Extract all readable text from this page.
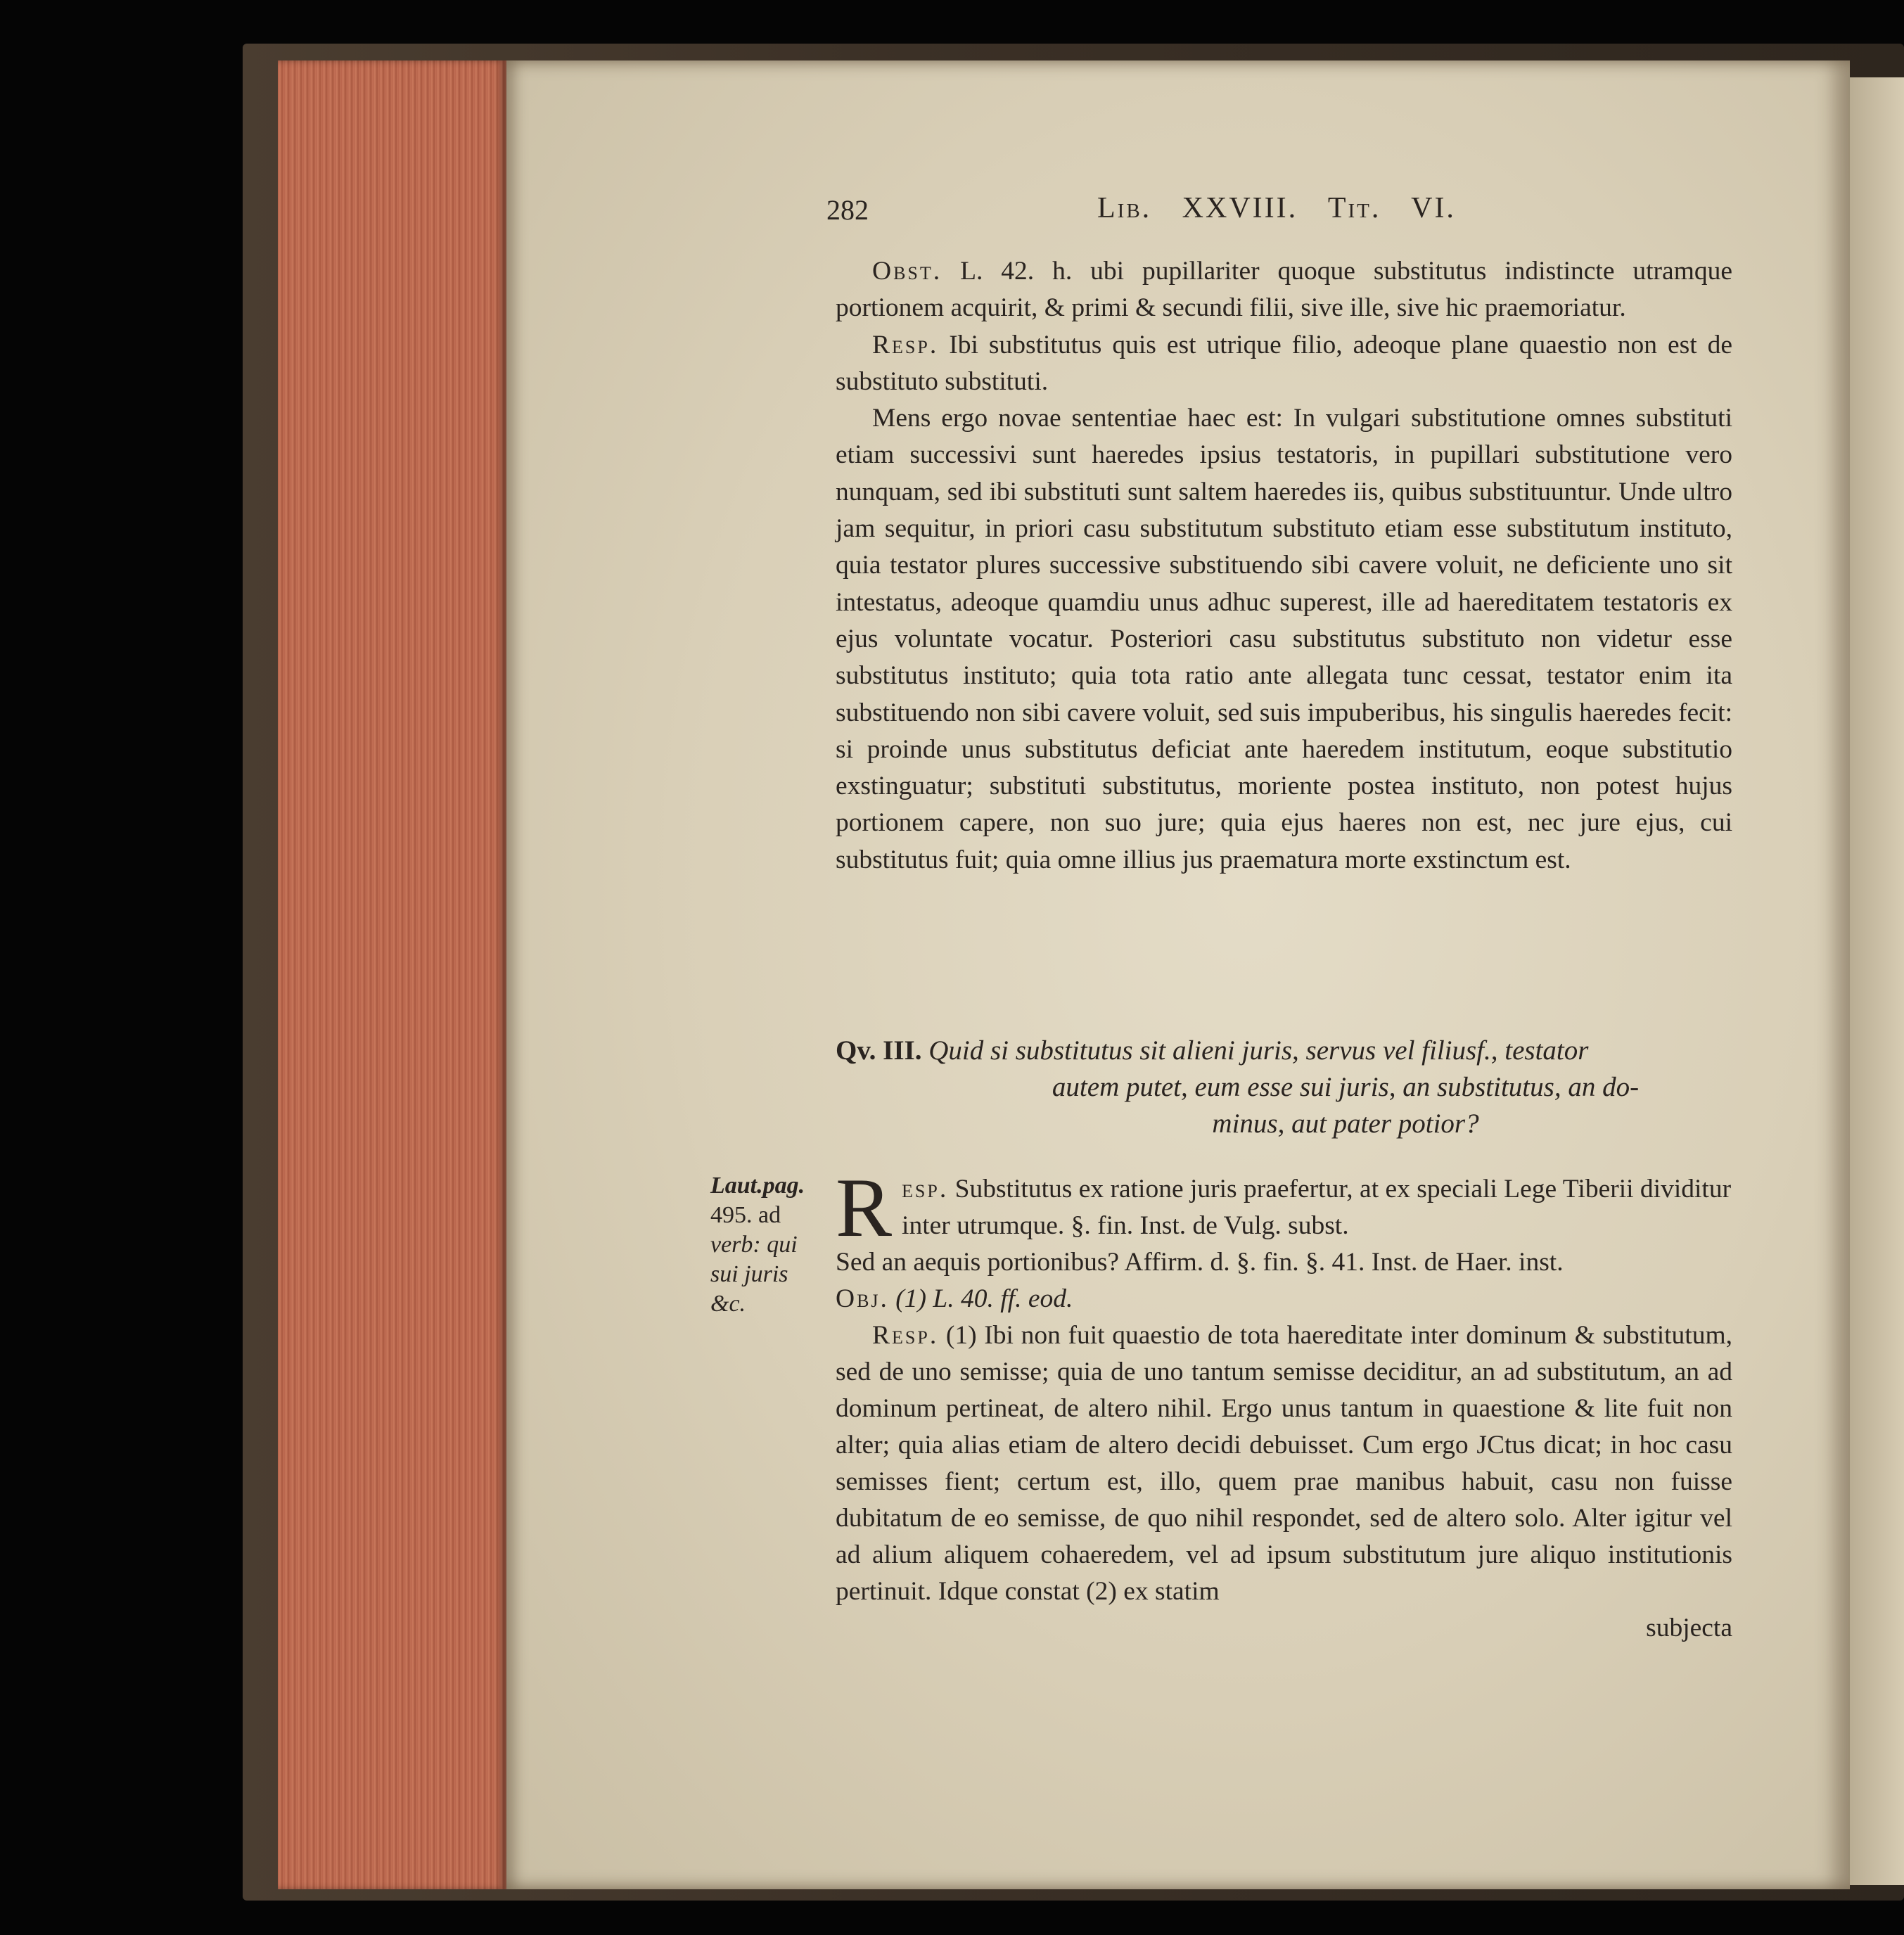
282	Lib. XXVIII. Tit. VI.

Obst. L. 42. h. ubi pupillariter quoque substitutus indistincte utramque portionem acquirit, & primi & secundi filii, sive ille, sive hic praemoriatur.

Resp. Ibi substitutus quis est utrique filio, adeoque plane quaestio non est de substituto substituti.

Mens ergo novae sententiae haec est: In vulgari substitutione omnes substituti etiam successivi sunt haeredes ipsius testatoris, in pupillari substitutione vero nunquam, sed ibi substituti sunt saltem haeredes iis, quibus substituuntur. Unde ultro jam sequitur, in priori casu substitutum substituto etiam esse substitutum instituto, quia testator plures successive substituendo sibi cavere voluit, ne deficiente uno sit intestatus, adeoque quamdiu unus adhuc superest, ille ad haereditatem testatoris ex ejus voluntate vocatur. Posteriori casu substitutus substituto non videtur esse substitutus instituto; quia tota ratio ante allegata tunc cessat, testator enim ita substituendo non sibi cavere voluit, sed suis impuberibus, his singulis haeredes fecit: si proinde unus substitutus deficiat ante haeredem institutum, eoque substitutio exstinguatur; substituti substitutus, moriente postea instituto, non potest hujus portionem capere, non suo jure; quia ejus haeres non est, nec jure ejus, cui substitutus fuit; quia omne illius jus praematura morte exstinctum est.

Qv. III. Quid si substitutus sit alieni juris, servus vel filiusf., testator
autem putet, eum esse sui juris, an substitutus, an do-
minus, aut pater potior?
Laut.pag.
495. ad
verb: qui
sui juris
&c.
R esp. Substitutus ex ratione juris praefertur, at ex speciali Lege Tiberii dividitur inter utrumque. §. fin. Inst. de Vulg. subst.

Sed an aequis portionibus? Affirm. d. §. fin. §. 41. Inst. de Haer. inst.

Obj. (1) L. 40. ff. eod.

Resp. (1) Ibi non fuit quaestio de tota haereditate inter dominum & substitutum, sed de uno semisse; quia de uno tantum semisse deciditur, an ad substitutum, an ad dominum pertineat, de altero nihil. Ergo unus tantum in quaestione & lite fuit non alter; quia alias etiam de altero decidi debuisset. Cum ergo JCtus dicat; in hoc casu semisses fient; certum est, illo, quem prae manibus habuit, casu non fuisse dubitatum de eo semisse, de quo nihil respondet, sed de altero solo. Alter igitur vel ad alium aliquem cohaeredem, vel ad ipsum substitutum jure aliquo institutionis pertinuit. Idque constat (2) ex statim

subjecta
